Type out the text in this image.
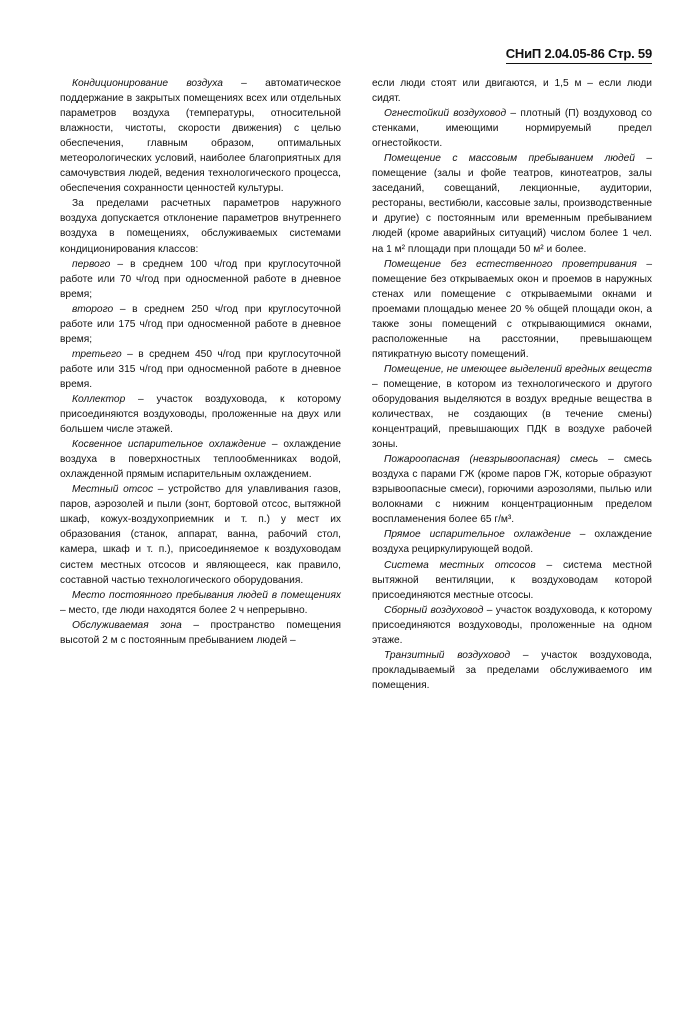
СНиП 2.04.05-86 Стр. 59

Кондиционирование воздуха – автоматическое поддержание в закрытых помещениях всех или отдельных параметров воздуха (температуры, относительной влажности, чистоты, скорости движения) с целью обеспечения, главным образом, оптимальных метеорологических условий, наиболее благоприятных для самочувствия людей, ведения технологического процесса, обеспечения сохранности ценностей культуры.

За пределами расчетных параметров наружного воздуха допускается отклонение параметров внутреннего воздуха в помещениях, обслуживаемых системами кондиционирования классов:

первого – в среднем 100 ч/год при круглосуточной работе или 70 ч/год при односменной работе в дневное время;

второго – в среднем 250 ч/год при круглосуточной работе или 175 ч/год при односменной работе в дневное время;

третьего – в среднем 450 ч/год при круглосуточной работе или 315 ч/год при односменной работе в дневное время.

Коллектор – участок воздуховода, к которому присоединяются воздуховоды, проложенные на двух или большем числе этажей.

Косвенное испарительное охлаждение – охлаждение воздуха в поверхностных теплообменниках водой, охлажденной прямым испарительным охлаждением.

Местный отсос – устройство для улавливания газов, паров, аэрозолей и пыли (зонт, бортовой отсос, вытяжной шкаф, кожух-воздухоприемник и т. п.) у мест их образования (станок, аппарат, ванна, рабочий стол, камера, шкаф и т. п.), присоединяемое к воздуховодам систем местных отсосов и являющееся, как правило, составной частью технологического оборудования.

Место постоянного пребывания людей в помещениях – место, где люди находятся более 2 ч непрерывно.

Обслуживаемая зона – пространство помещения высотой 2 м с постоянным пребыванием людей –

если люди стоят или двигаются, и 1,5 м – если люди сидят.

Огнестойкий воздуховод – плотный (П) воздуховод со стенками, имеющими нормируемый предел огнестойкости.

Помещение с массовым пребыванием людей – помещение (залы и фойе театров, кинотеатров, залы заседаний, совещаний, лекционные, аудитории, рестораны, вестибюли, кассовые залы, производственные и другие) с постоянным или временным пребыванием людей (кроме аварийных ситуаций) числом более 1 чел. на 1 м² площади при площади 50 м² и более.

Помещение без естественного проветривания – помещение без открываемых окон и проемов в наружных стенах или помещение с открываемыми окнами и проемами площадью менее 20 % общей площади окон, а также зоны помещений с открывающимися окнами, расположенные на расстоянии, превышающем пятикратную высоту помещений.

Помещение, не имеющее выделений вредных веществ – помещение, в котором из технологического и другого оборудования выделяются в воздух вредные вещества в количествах, не создающих (в течение смены) концентраций, превышающих ПДК в воздухе рабочей зоны.

Пожароопасная (невзрывоопасная) смесь – смесь воздуха с парами ГЖ (кроме паров ГЖ, которые образуют взрывоопасные смеси), горючими аэрозолями, пылью или волокнами с нижним концентрационным пределом воспламенения более 65 г/м³.

Прямое испарительное охлаждение – охлаждение воздуха рециркулирующей водой.

Система местных отсосов – система местной вытяжной вентиляции, к воздуховодам которой присоединяются местные отсосы.

Сборный воздуховод – участок воздуховода, к которому присоединяются воздуховоды, проложенные на одном этаже.

Транзитный воздуховод – участок воздуховода, прокладываемый за пределами обслуживаемого им помещения.
